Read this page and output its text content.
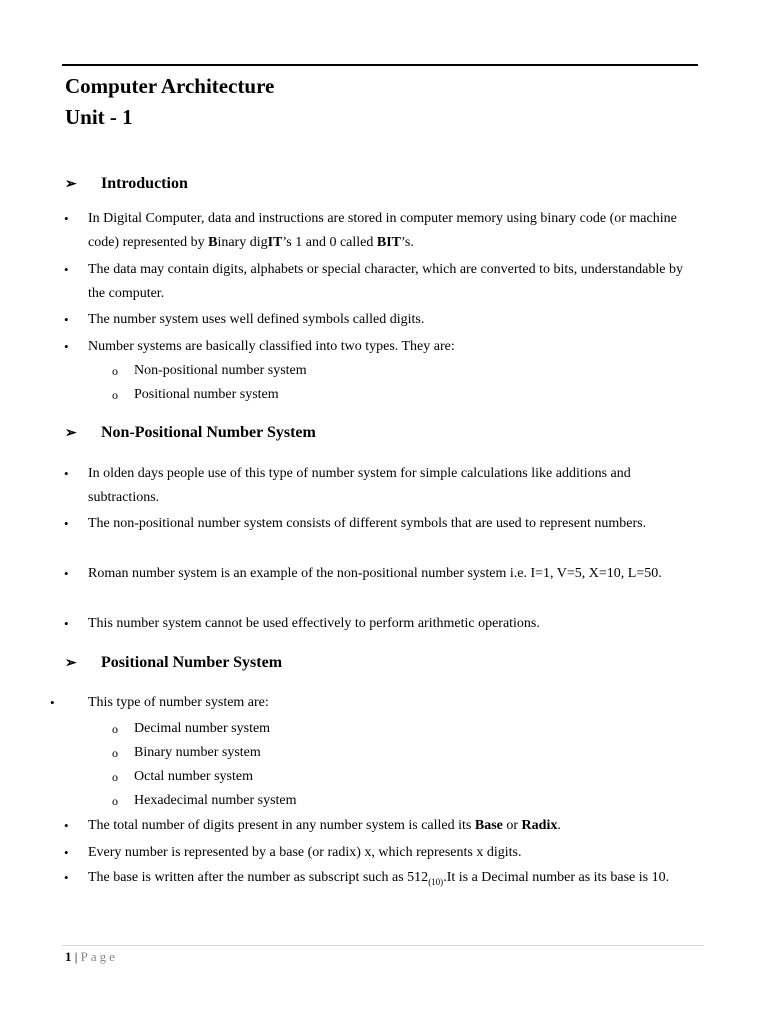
Computer Architecture
Unit - 1
➢ Introduction
• In Digital Computer, data and instructions are stored in computer memory using binary code (or machine code) represented by Binary digIT’s 1 and 0 called BIT’s.
• The data may contain digits, alphabets or special character, which are converted to bits, understandable by the computer.
• The number system uses well defined symbols called digits.
• Number systems are basically classified into two types. They are:
o Non-positional number system
o Positional number system
➢ Non-Positional Number System
• In olden days people use of this type of number system for simple calculations like additions and subtractions.
• The non-positional number system consists of different symbols that are used to represent numbers.
• Roman number system is an example of the non-positional number system i.e. I=1, V=5, X=10, L=50.
• This number system cannot be used effectively to perform arithmetic operations.
➢ Positional Number System
• This type of number system are:
o Decimal number system
o Binary number system
o Octal number system
o Hexadecimal number system
• The total number of digits present in any number system is called its Base or Radix.
• Every number is represented by a base (or radix) x, which represents x digits.
• The base is written after the number as subscript such as $512_{(10)}.It$ is a Decimal number as its base is 10.
1 | Page
